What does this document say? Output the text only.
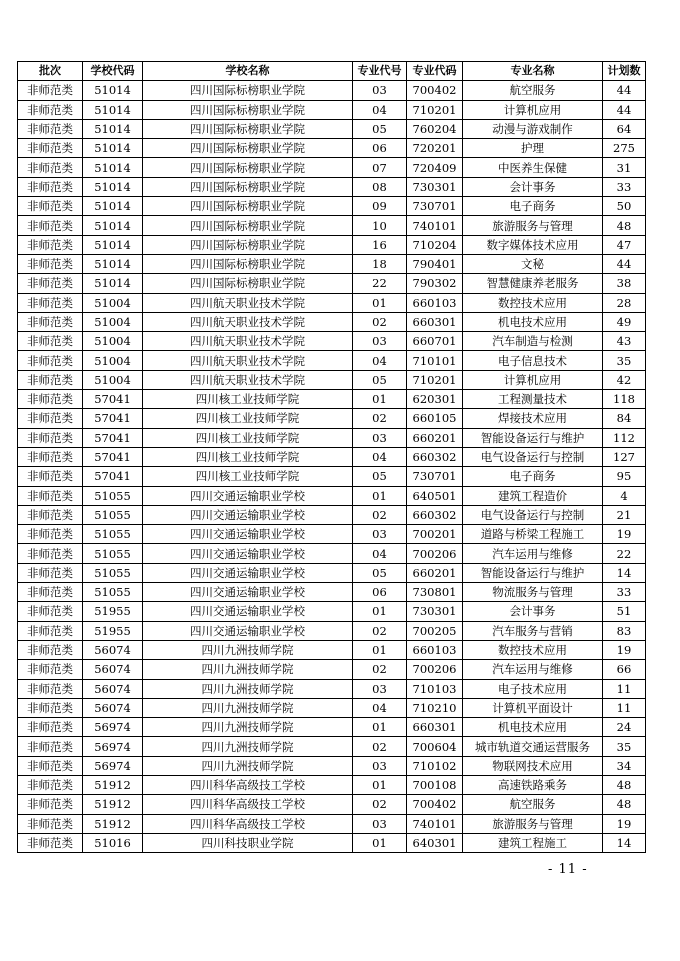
批次	学校代码	学校名称	专业代号	专业代码	专业名称	计划数
非师范类	51014	四川国际标榜职业学院	03	700402	航空服务	44
非师范类	51014	四川国际标榜职业学院	04	710201	计算机应用	44
非师范类	51014	四川国际标榜职业学院	05	760204	动漫与游戏制作	64
非师范类	51014	四川国际标榜职业学院	06	720201	护理	275
非师范类	51014	四川国际标榜职业学院	07	720409	中医养生保健	31
非师范类	51014	四川国际标榜职业学院	08	730301	会计事务	33
非师范类	51014	四川国际标榜职业学院	09	730701	电子商务	50
非师范类	51014	四川国际标榜职业学院	10	740101	旅游服务与管理	48
非师范类	51014	四川国际标榜职业学院	16	710204	数字媒体技术应用	47
非师范类	51014	四川国际标榜职业学院	18	790401	文秘	44
非师范类	51014	四川国际标榜职业学院	22	790302	智慧健康养老服务	38
非师范类	51004	四川航天职业技术学院	01	660103	数控技术应用	28
非师范类	51004	四川航天职业技术学院	02	660301	机电技术应用	49
非师范类	51004	四川航天职业技术学院	03	660701	汽车制造与检测	43
非师范类	51004	四川航天职业技术学院	04	710101	电子信息技术	35
非师范类	51004	四川航天职业技术学院	05	710201	计算机应用	42
非师范类	57041	四川核工业技师学院	01	620301	工程测量技术	118
非师范类	57041	四川核工业技师学院	02	660105	焊接技术应用	84
非师范类	57041	四川核工业技师学院	03	660201	智能设备运行与维护	112
非师范类	57041	四川核工业技师学院	04	660302	电气设备运行与控制	127
非师范类	57041	四川核工业技师学院	05	730701	电子商务	95
非师范类	51055	四川交通运输职业学校	01	640501	建筑工程造价	4
非师范类	51055	四川交通运输职业学校	02	660302	电气设备运行与控制	21
非师范类	51055	四川交通运输职业学校	03	700201	道路与桥梁工程施工	19
非师范类	51055	四川交通运输职业学校	04	700206	汽车运用与维修	22
非师范类	51055	四川交通运输职业学校	05	660201	智能设备运行与维护	14
非师范类	51055	四川交通运输职业学校	06	730801	物流服务与管理	33
非师范类	51955	四川交通运输职业学校	01	730301	会计事务	51
非师范类	51955	四川交通运输职业学校	02	700205	汽车服务与营销	83
非师范类	56074	四川九洲技师学院	01	660103	数控技术应用	19
非师范类	56074	四川九洲技师学院	02	700206	汽车运用与维修	66
非师范类	56074	四川九洲技师学院	03	710103	电子技术应用	11
非师范类	56074	四川九洲技师学院	04	710210	计算机平面设计	11
非师范类	56974	四川九洲技师学院	01	660301	机电技术应用	24
非师范类	56974	四川九洲技师学院	02	700604	城市轨道交通运营服务	35
非师范类	56974	四川九洲技师学院	03	710102	物联网技术应用	34
非师范类	51912	四川科华高级技工学校	01	700108	高速铁路乘务	48
非师范类	51912	四川科华高级技工学校	02	700402	航空服务	48
非师范类	51912	四川科华高级技工学校	03	740101	旅游服务与管理	19
非师范类	51016	四川科技职业学院	01	640301	建筑工程施工	14
- 11 -
